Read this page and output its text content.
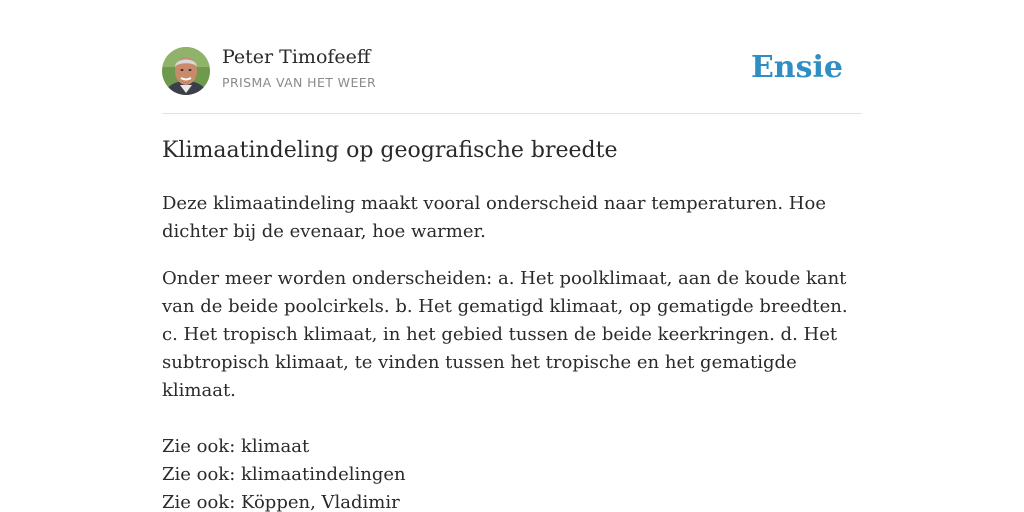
Peter Timofeeff
PRISMA VAN HET WEER	Ensie
Klimaatindeling op geografische breedte

Deze klimaatindeling maakt vooral onderscheid naar temperaturen. Hoe dichter bij de evenaar, hoe warmer.

Onder meer worden onderscheiden: a. Het poolklimaat, aan de koude kant van de beide poolcirkels. b. Het gematigd klimaat, op gematigde breedten. c. Het tropisch klimaat, in het gebied tussen de beide keerkringen. d. Het subtropisch klimaat, te vinden tussen het tropische en het gematigde klimaat.

Zie ook: klimaat
Zie ook: klimaatindelingen
Zie ook: Köppen, Vladimir
